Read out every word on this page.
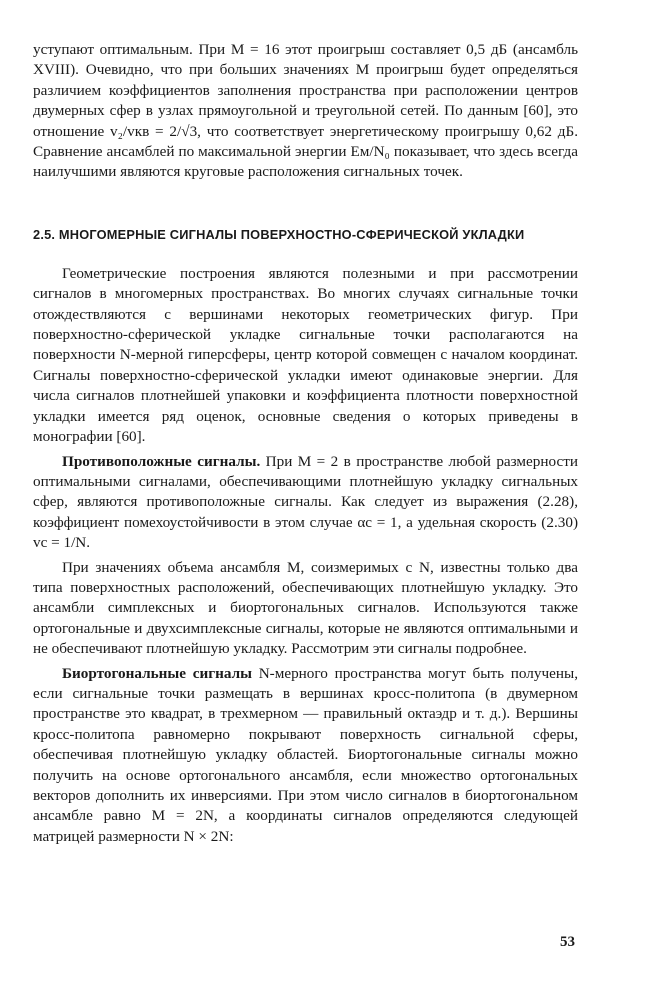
уступают оптимальным. При M = 16 этот проигрыш составляет 0,5 дБ (ансамбль XVIII). Очевидно, что при больших значениях M проигрыш будет определяться различием коэффициентов заполнения пространства при расположении центров двумерных сфер в узлах прямоугольной и треугольной сетей. По данным [60], это отношение v₂/vкв = 2/√3, что соответствует энергетическому проигрышу 0,62 дБ. Сравнение ансамблей по максимальной энергии Eм/N₀ показывает, что здесь всегда наилучшими являются круговые расположения сигнальных точек.

2.5. МНОГОМЕРНЫЕ СИГНАЛЫ ПОВЕРХНОСТНО-СФЕРИЧЕСКОЙ УКЛАДКИ

Геометрические построения являются полезными и при рассмотрении сигналов в многомерных пространствах. Во многих случаях сигнальные точки отождествляются с вершинами некоторых геометрических фигур. При поверхностно-сферической укладке сигнальные точки располагаются на поверхности N-мерной гиперсферы, центр которой совмещен с началом координат. Сигналы поверхностно-сферической укладки имеют одинаковые энергии. Для числа сигналов плотнейшей упаковки и коэффициента плотности поверхностной укладки имеется ряд оценок, основные сведения о которых приведены в монографии [60].

Противоположные сигналы. При M = 2 в пространстве любой размерности оптимальными сигналами, обеспечивающими плотнейшую укладку сигнальных сфер, являются противоположные сигналы. Как следует из выражения (2.28), коэффициент помехоустойчивости в этом случае αc = 1, а удельная скорость (2.30) vc = 1/N.

При значениях объема ансамбля M, соизмеримых с N, известны только два типа поверхностных расположений, обеспечивающих плотнейшую укладку. Это ансамбли симплексных и биортогональных сигналов. Используются также ортогональные и двухсимплексные сигналы, которые не являются оптимальными и не обеспечивают плотнейшую укладку. Рассмотрим эти сигналы подробнее.

Биортогональные сигналы N-мерного пространства могут быть получены, если сигнальные точки размещать в вершинах кросс-политопа (в двумерном пространстве это квадрат, в трехмерном — правильный октаэдр и т. д.). Вершины кросс-политопа равномерно покрывают поверхность сигнальной сферы, обеспечивая плотнейшую укладку областей. Биортогональные сигналы можно получить на основе ортогонального ансамбля, если множество ортогональных векторов дополнить их инверсиями. При этом число сигналов в биортогональном ансамбле равно M = 2N, а координаты сигналов определяются следующей матрицей размерности N × 2N:

53
